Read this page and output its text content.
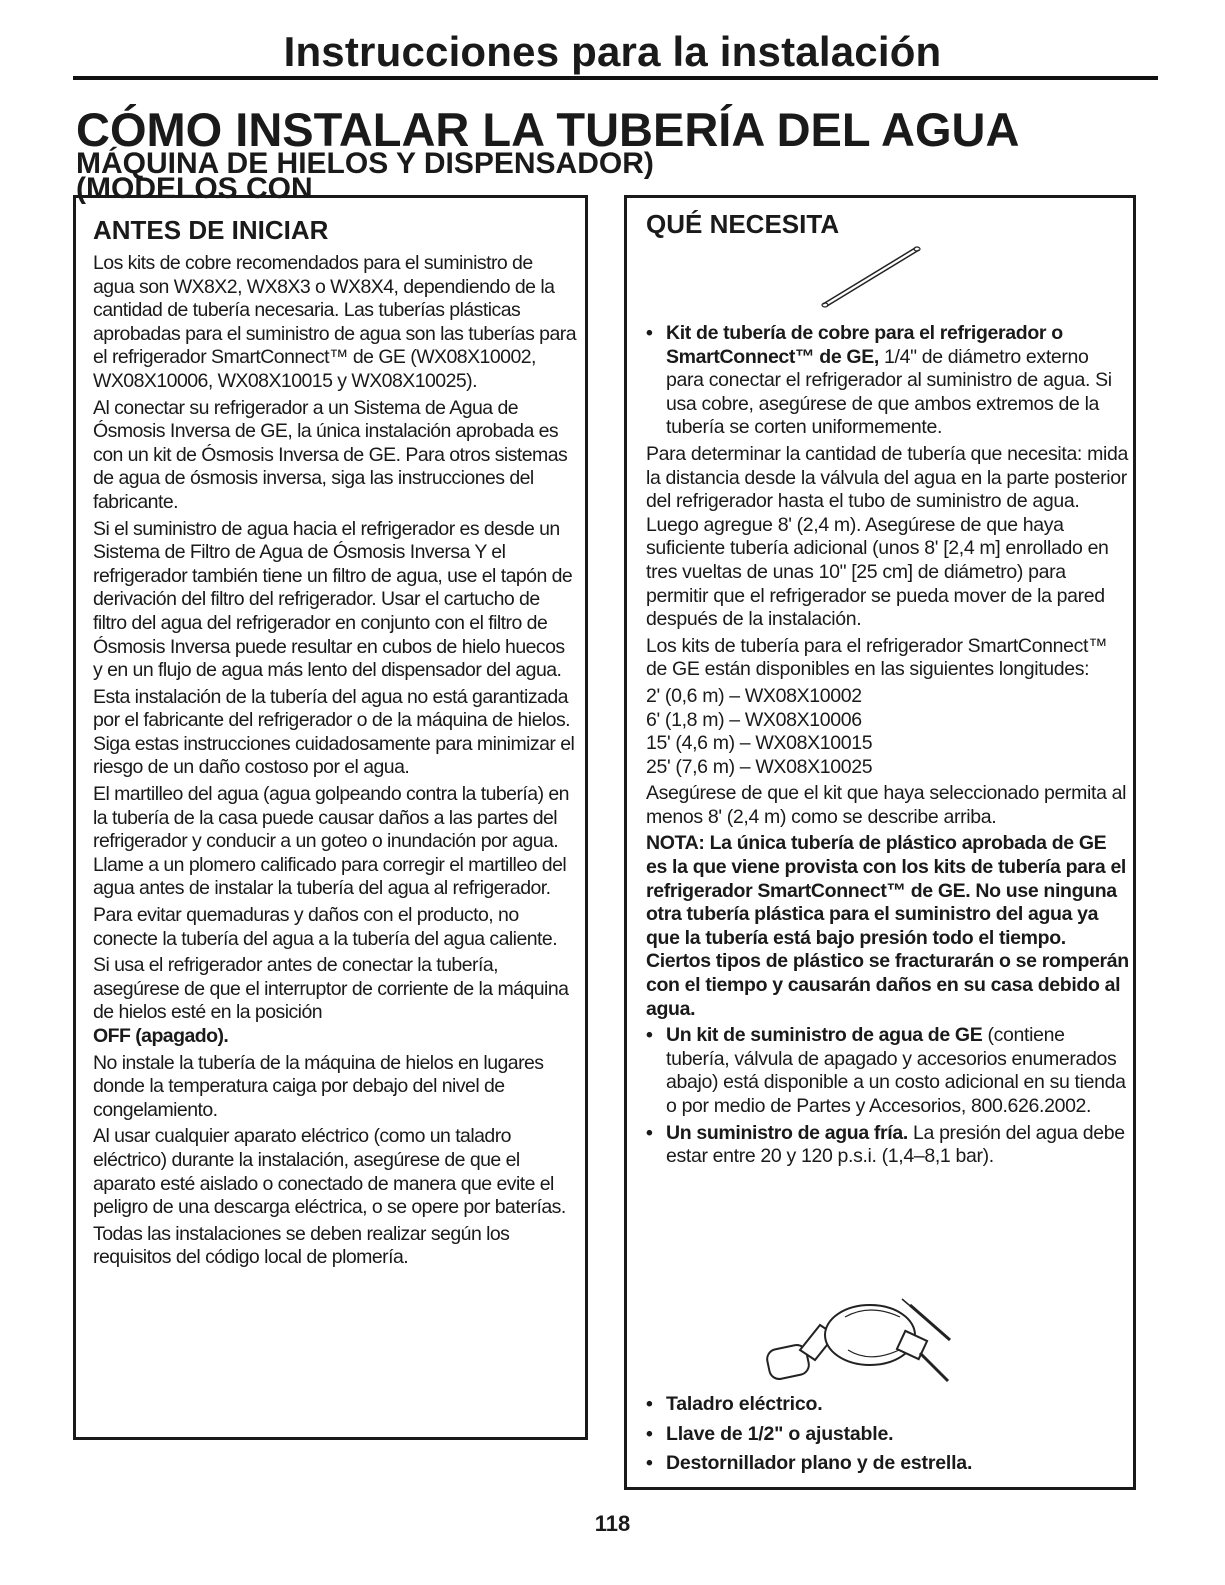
Instrucciones para la instalación
CÓMO INSTALAR LA TUBERÍA DEL AGUA (MODELOS CON
MÁQUINA DE HIELOS Y DISPENSADOR)
ANTES DE INICIAR

Los kits de cobre recomendados para el suministro de agua son WX8X2, WX8X3 o WX8X4, dependiendo de la cantidad de tubería necesaria. Las tuberías plásticas aprobadas para el suministro de agua son las tuberías para el refrigerador SmartConnect™ de GE (WX08X10002, WX08X10006, WX08X10015 y WX08X10025).

Al conectar su refrigerador a un Sistema de Agua de Ósmosis Inversa de GE, la única instalación aprobada es con un kit de Ósmosis Inversa de GE. Para otros sistemas de agua de ósmosis inversa, siga las instrucciones del fabricante.

Si el suministro de agua hacia el refrigerador es desde un Sistema de Filtro de Agua de Ósmosis Inversa Y el refrigerador también tiene un filtro de agua, use el tapón de derivación del filtro del refrigerador. Usar el cartucho de filtro del agua del refrigerador en conjunto con el filtro de Ósmosis Inversa puede resultar en cubos de hielo huecos y en un flujo de agua más lento del dispensador del agua.

Esta instalación de la tubería del agua no está garantizada por el fabricante del refrigerador o de la máquina de hielos. Siga estas instrucciones cuidadosamente para minimizar el riesgo de un daño costoso por el agua.

El martilleo del agua (agua golpeando contra la tubería) en la tubería de la casa puede causar daños a las partes del refrigerador y conducir a un goteo o inundación por agua. Llame a un plomero calificado para corregir el martilleo del agua antes de instalar la tubería del agua al refrigerador.

Para evitar quemaduras y daños con el producto, no conecte la tubería del agua a la tubería del agua caliente.

Si usa el refrigerador antes de conectar la tubería, asegúrese de que el interruptor de corriente de la máquina de hielos esté en la posición
OFF (apagado).

No instale la tubería de la máquina de hielos en lugares donde la temperatura caiga por debajo del nivel de congelamiento.

Al usar cualquier aparato eléctrico (como un taladro eléctrico) durante la instalación, asegúrese de que el aparato esté aislado o conectado de manera que evite el peligro de una descarga eléctrica, o se opere por baterías.

Todas las instalaciones se deben realizar según los requisitos del código local de plomería.

QUÉ NECESITA
• Kit de tubería de cobre para el refrigerador o SmartConnect™ de GE, 1/4" de diámetro externo para conectar el refrigerador al suministro de agua. Si usa cobre, asegúrese de que ambos extremos de la tubería se corten uniformemente.

Para determinar la cantidad de tubería que necesita: mida la distancia desde la válvula del agua en la parte posterior del refrigerador hasta el tubo de suministro de agua. Luego agregue 8' (2,4 m). Asegúrese de que haya suficiente tubería adicional (unos 8' [2,4 m] enrollado en tres vueltas de unas 10" [25 cm] de diámetro) para permitir que el refrigerador se pueda mover de la pared después de la instalación.

Los kits de tubería para el refrigerador SmartConnect™ de GE están disponibles en las siguientes longitudes:

2' (0,6 m) – WX08X10002

6' (1,8 m) – WX08X10006

15' (4,6 m) – WX08X10015

25' (7,6 m) – WX08X10025

Asegúrese de que el kit que haya seleccionado permita al menos 8' (2,4 m) como se describe arriba.

NOTA: La única tubería de plástico aprobada de GE es la que viene provista con los kits de tubería para el refrigerador SmartConnect™ de GE. No use ninguna otra tubería plástica para el suministro del agua ya que la tubería está bajo presión todo el tiempo. Ciertos tipos de plástico se fracturarán o se romperán con el tiempo y causarán daños en su casa debido al agua.

• Un kit de suministro de agua de GE (contiene tubería, válvula de apagado y accesorios enumerados abajo) está disponible a un costo adicional en su tienda o por medio de Partes y Accesorios, 800.626.2002.
• Un suministro de agua fría. La presión del agua debe estar entre 20 y 120 p.s.i. (1,4–8,1 bar).
• Taladro eléctrico.
• Llave de 1/2" o ajustable.
• Destornillador plano y de estrella.
118
